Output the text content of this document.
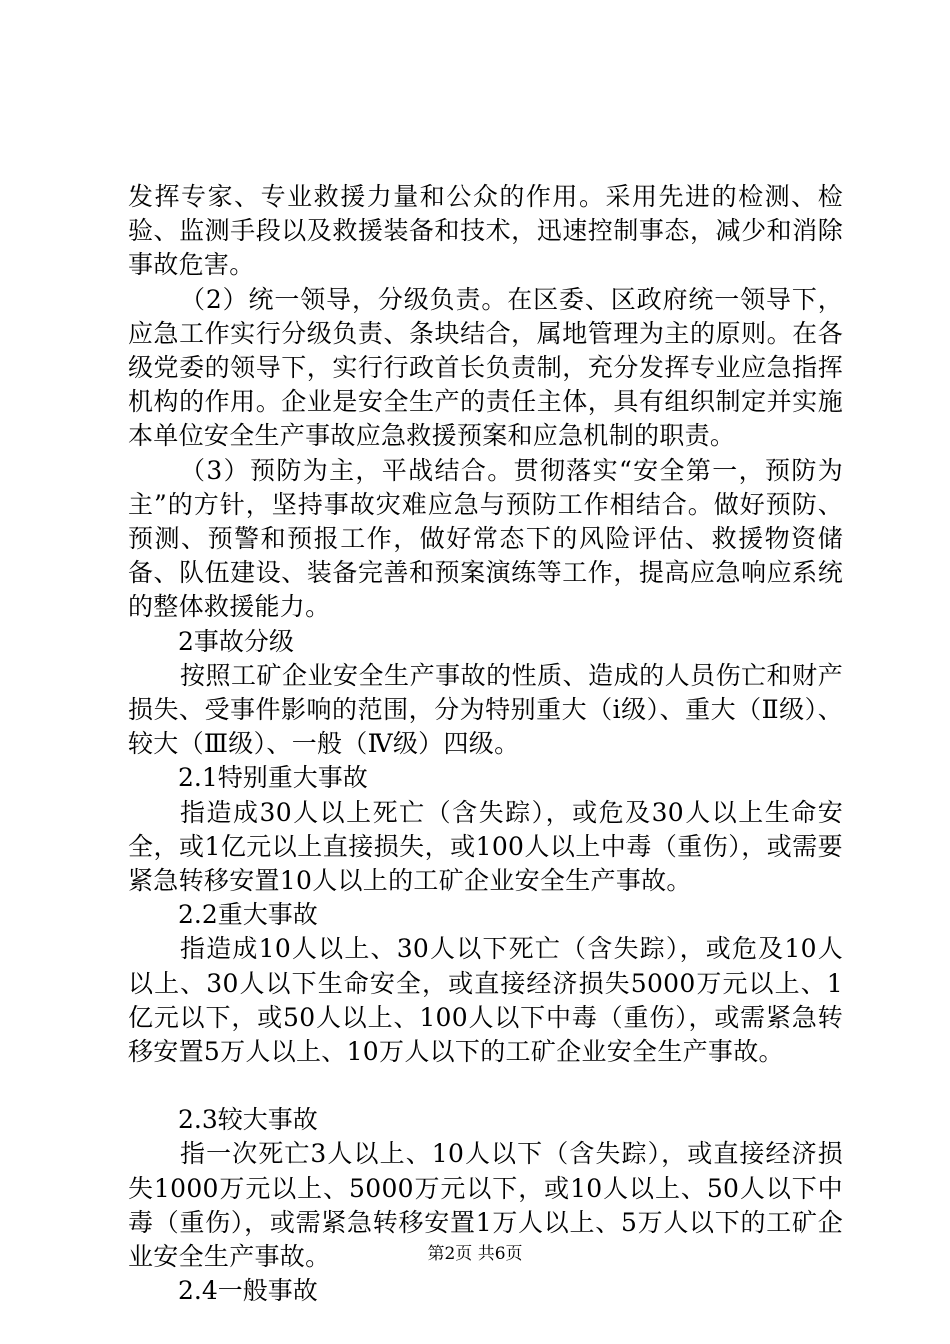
发挥专家、专业救援力量和公众的作用。采用先进的检测、检验、监测手段以及救援装备和技术，迅速控制事态，减少和消除事故危害。

（2）统一领导，分级负责。在区委、区政府统一领导下，应急工作实行分级负责、条块结合，属地管理为主的原则。在各级党委的领导下，实行行政首长负责制，充分发挥专业应急指挥机构的作用。企业是安全生产的责任主体，具有组织制定并实施本单位安全生产事故应急救援预案和应急机制的职责。

（3）预防为主，平战结合。贯彻落实“安全第一，预防为主”的方针，坚持事故灾难应急与预防工作相结合。做好预防、预测、预警和预报工作，做好常态下的风险评估、救援物资储备、队伍建设、装备完善和预案演练等工作，提高应急响应系统的整体救援能力。

2事故分级

按照工矿企业安全生产事故的性质、造成的人员伤亡和财产损失、受事件影响的范围，分为特别重大（ⅰ级）、重大（Ⅱ级）、较大（Ⅲ级）、一般（Ⅳ级）四级。

2.1特别重大事故

指造成30人以上死亡（含失踪），或危及30人以上生命安全，或1亿元以上直接损失，或100人以上中毒（重伤），或需要紧急转移安置10人以上的工矿企业安全生产事故。

2.2重大事故

指造成10人以上、30人以下死亡（含失踪），或危及10人以上、30人以下生命安全，或直接经济损失5000万元以上、1亿元以下，或50人以上、100人以下中毒（重伤），或需紧急转移安置5万人以上、10万人以下的工矿企业安全生产事故。

2.3较大事故

指一次死亡3人以上、10人以下（含失踪），或直接经济损失1000万元以上、5000万元以下，或10人以上、50人以下中毒（重伤），或需紧急转移安置1万人以上、5万人以下的工矿企业安全生产事故。

2.4一般事故

第2页 共6页
